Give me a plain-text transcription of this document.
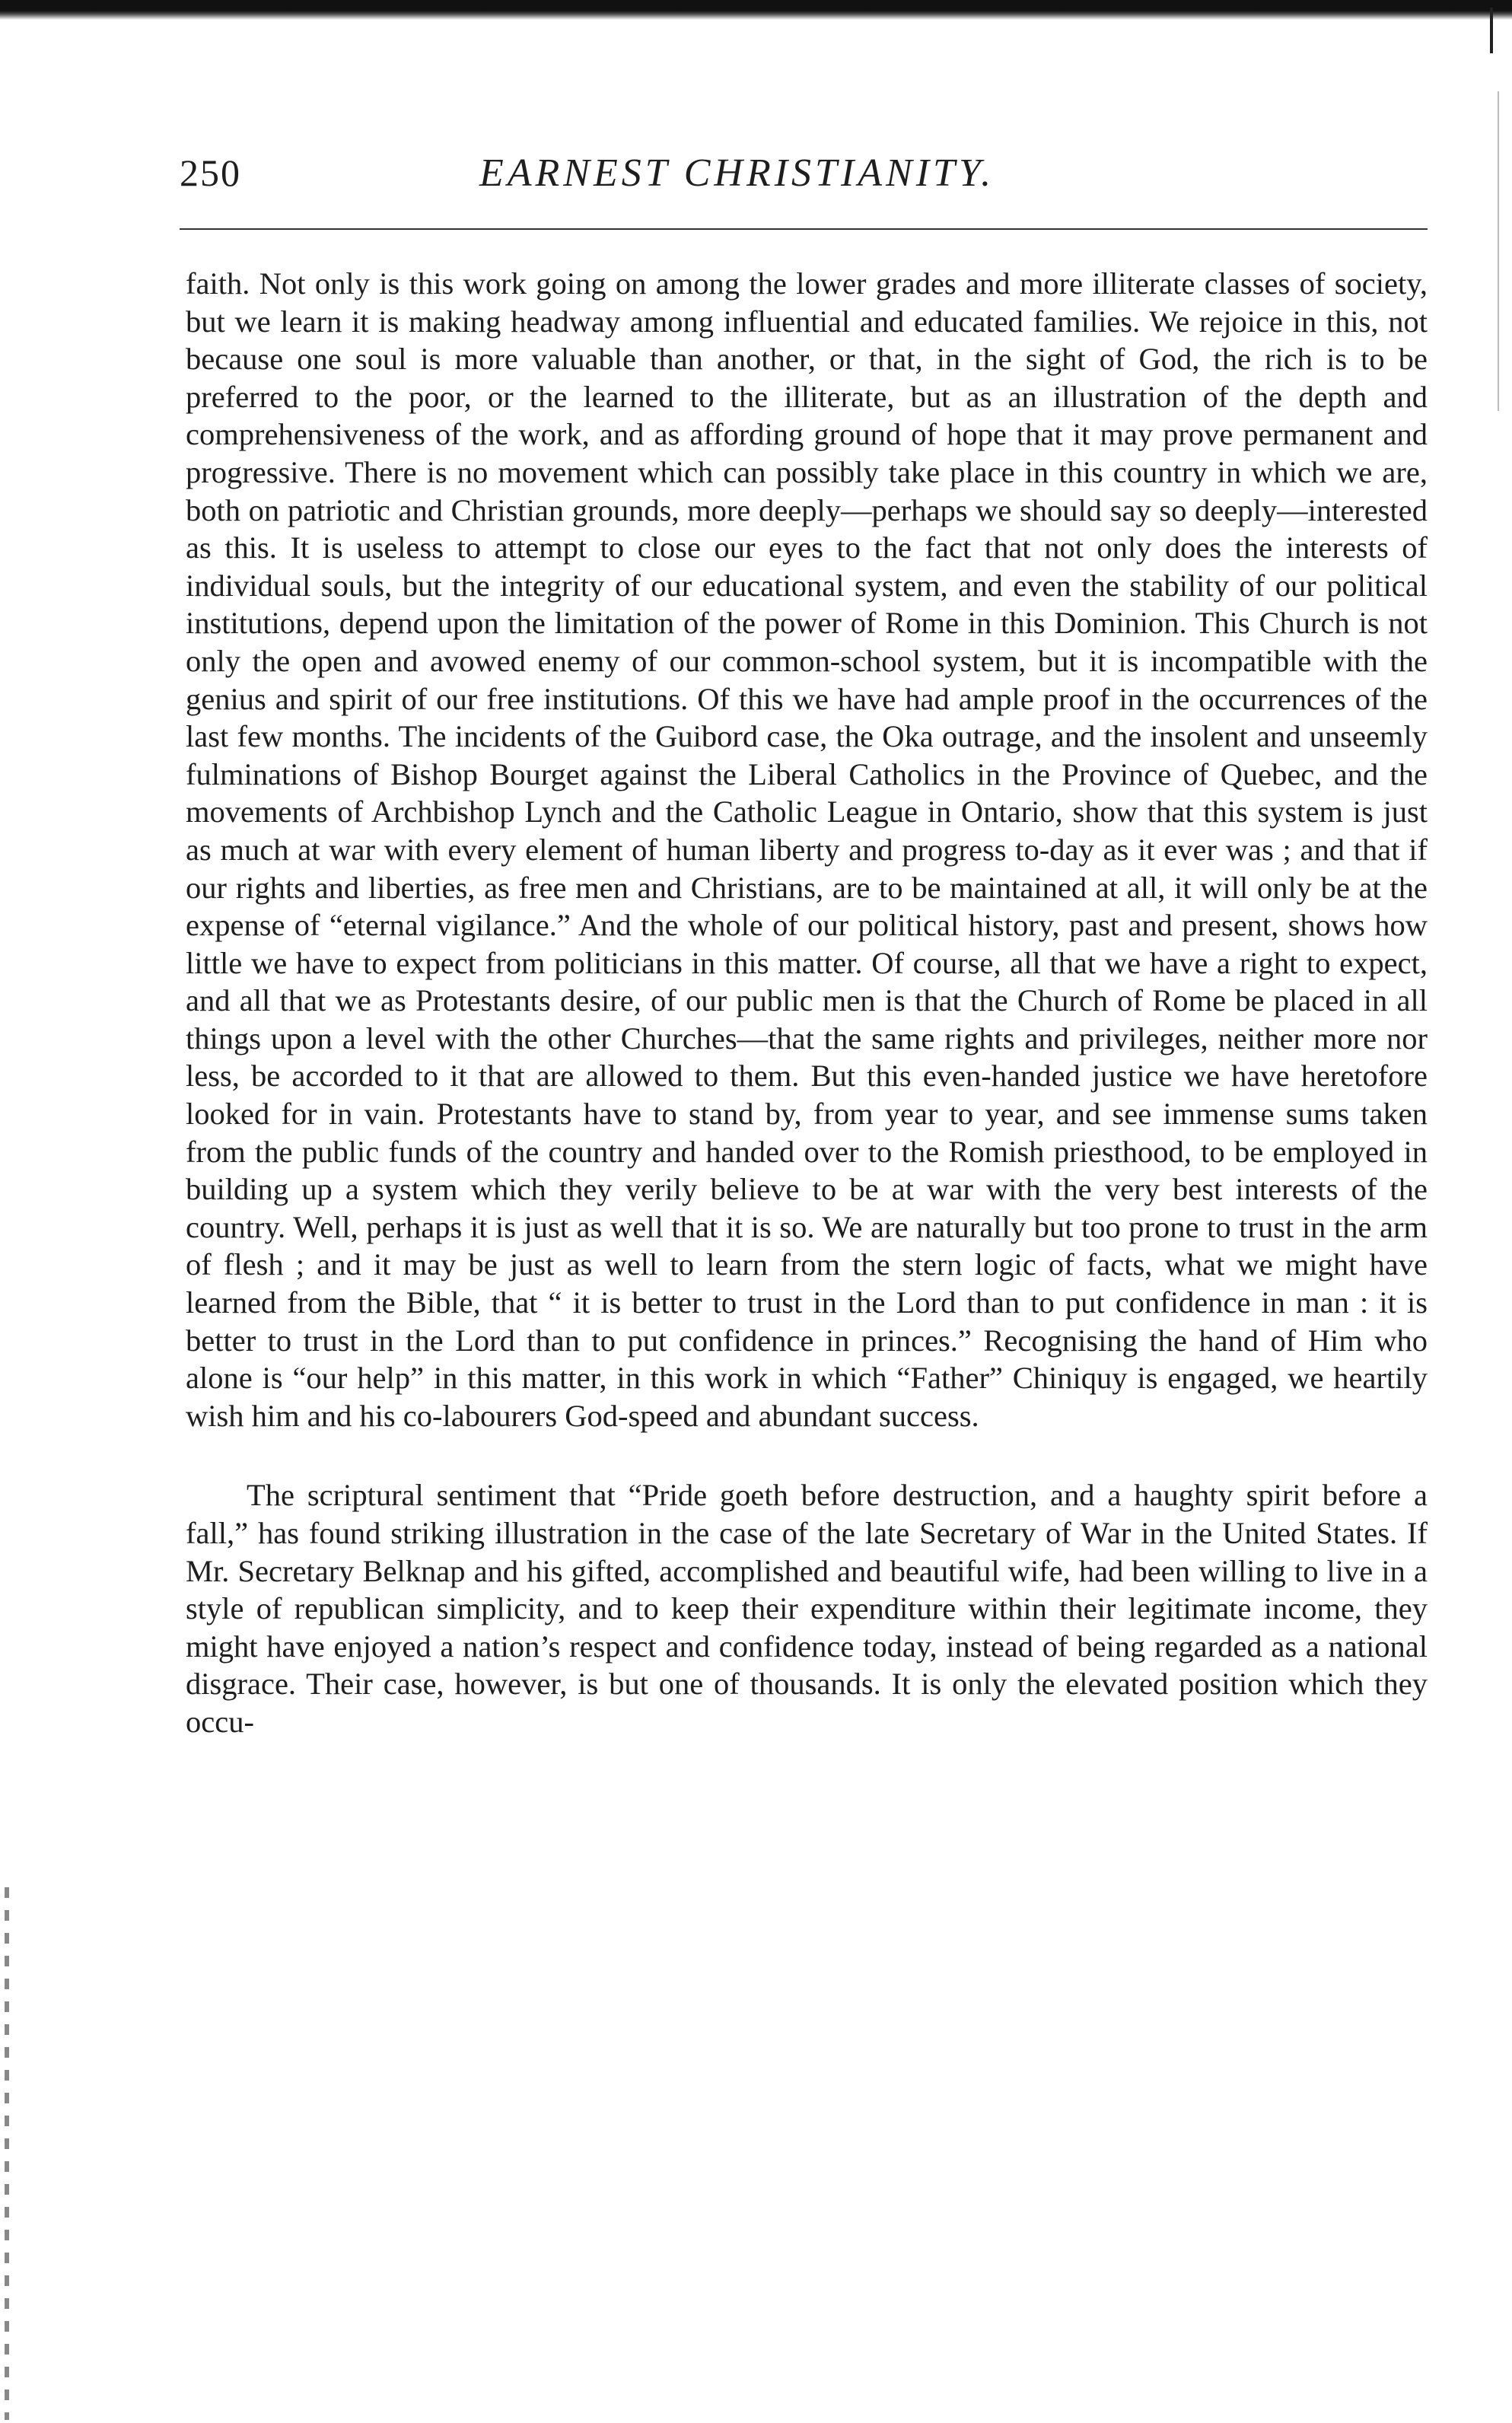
250	EARNEST CHRISTIANITY.

faith. Not only is this work going on among the lower grades and more illiterate classes of society, but we learn it is making headway among influential and educated families. We rejoice in this, not because one soul is more valuable than another, or that, in the sight of God, the rich is to be preferred to the poor, or the learned to the illiterate, but as an illustration of the depth and comprehensiveness of the work, and as affording ground of hope that it may prove permanent and progressive. There is no movement which can possibly take place in this country in which we are, both on patriotic and Christian grounds, more deeply—perhaps we should say so deeply—interested as this. It is useless to attempt to close our eyes to the fact that not only does the interests of individual souls, but the integrity of our educational system, and even the stability of our political institutions, depend upon the limitation of the power of Rome in this Dominion. This Church is not only the open and avowed enemy of our common-school system, but it is incompatible with the genius and spirit of our free institutions. Of this we have had ample proof in the occurrences of the last few months. The incidents of the Guibord case, the Oka outrage, and the insolent and unseemly fulminations of Bishop Bourget against the Liberal Catholics in the Province of Quebec, and the movements of Archbishop Lynch and the Catholic League in Ontario, show that this system is just as much at war with every element of human liberty and progress to-day as it ever was ; and that if our rights and liberties, as free men and Christians, are to be maintained at all, it will only be at the expense of “eternal vigilance.” And the whole of our political history, past and present, shows how little we have to expect from politicians in this matter. Of course, all that we have a right to expect, and all that we as Protestants desire, of our public men is that the Church of Rome be placed in all things upon a level with the other Churches—that the same rights and privileges, neither more nor less, be accorded to it that are allowed to them. But this even-handed justice we have heretofore looked for in vain. Protestants have to stand by, from year to year, and see immense sums taken from the public funds of the country and handed over to the Romish priesthood, to be employed in building up a system which they verily believe to be at war with the very best interests of the country. Well, perhaps it is just as well that it is so. We are naturally but too prone to trust in the arm of flesh ; and it may be just as well to learn from the stern logic of facts, what we might have learned from the Bible, that “ it is better to trust in the Lord than to put confidence in man : it is better to trust in the Lord than to put confidence in princes.” Recognising the hand of Him who alone is “our help” in this matter, in this work in which “Father” Chiniquy is engaged, we heartily wish him and his co-labourers God-speed and abundant success.

The scriptural sentiment that “Pride goeth before destruction, and a haughty spirit before a fall,” has found striking illustration in the case of the late Secretary of War in the United States. If Mr. Secretary Belknap and his gifted, accomplished and beautiful wife, had been willing to live in a style of republican simplicity, and to keep their expenditure within their legitimate income, they might have enjoyed a nation’s respect and confidence today, instead of being regarded as a national disgrace. Their case, however, is but one of thousands. It is only the elevated position which they occu-
